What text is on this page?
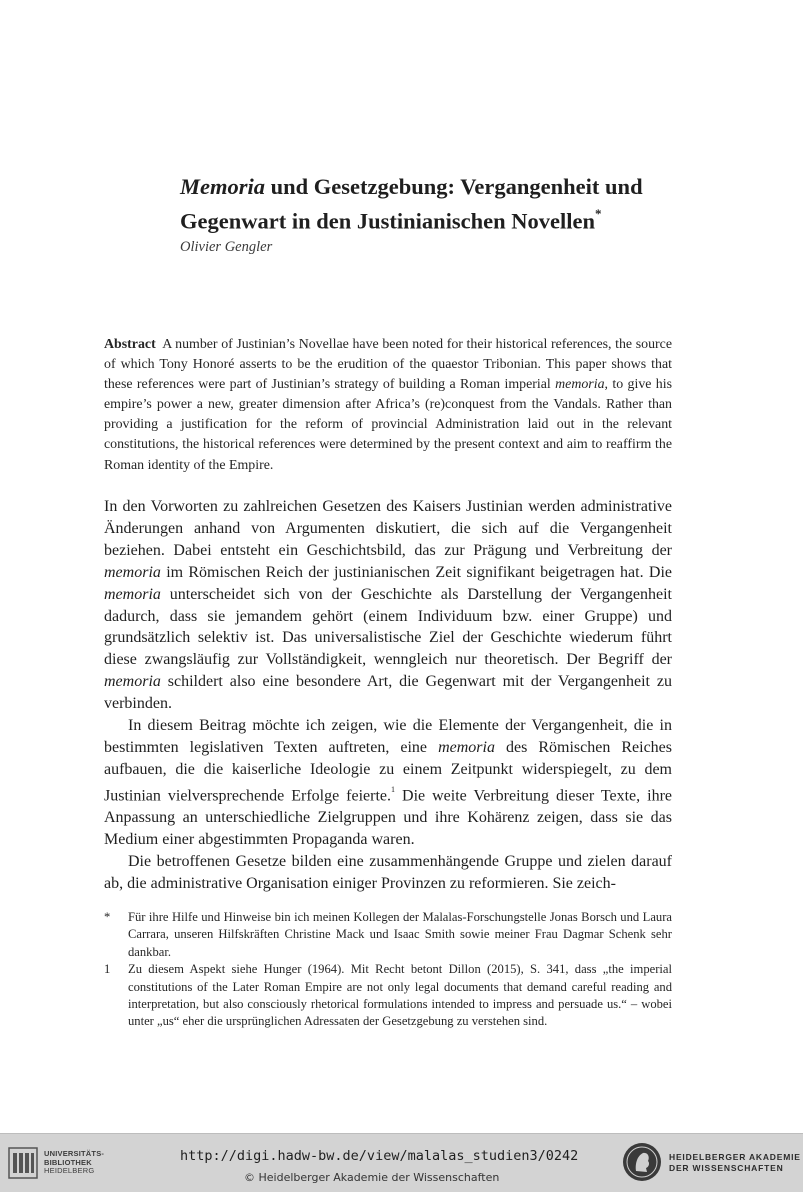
Memoria und Gesetzgebung: Vergangenheit und Gegenwart in den Justinianischen Novellen*
Olivier Gengler

Abstract A number of Justinian’s Novellae have been noted for their historical references, the source of which Tony Honoré asserts to be the erudition of the quaestor Tribonian. This paper shows that these references were part of Justinian’s strategy of building a Roman imperial memoria, to give his empire’s power a new, greater dimension after Africa’s (re)conquest from the Vandals. Rather than providing a justification for the reform of provincial Administration laid out in the relevant constitutions, the historical references were determined by the present context and aim to reaffirm the Roman identity of the Empire.

In den Vorworten zu zahlreichen Gesetzen des Kaisers Justinian werden administrative Änderungen anhand von Argumenten diskutiert, die sich auf die Vergangenheit beziehen. Dabei entsteht ein Geschichtsbild, das zur Prägung und Verbreitung der memoria im Römischen Reich der justinianischen Zeit signifikant beigetragen hat. Die memoria unterscheidet sich von der Geschichte als Darstellung der Vergangenheit dadurch, dass sie jemandem gehört (einem Individuum bzw. einer Gruppe) und grundsätzlich selektiv ist. Das universalistische Ziel der Geschichte wiederum führt diese zwangsläufig zur Vollständigkeit, wenngleich nur theoretisch. Der Begriff der memoria schildert also eine besondere Art, die Gegenwart mit der Vergangenheit zu verbinden.

In diesem Beitrag möchte ich zeigen, wie die Elemente der Vergangenheit, die in bestimmten legislativen Texten auftreten, eine memoria des Römischen Reiches aufbauen, die die kaiserliche Ideologie zu einem Zeitpunkt widerspiegelt, zu dem Justinian vielversprechende Erfolge feierte.$^1$ Die weite Verbreitung dieser Texte, ihre Anpassung an unterschiedliche Zielgruppen und ihre Kohärenz zeigen, dass sie das Medium einer abgestimmten Propaganda waren.

Die betroffenen Gesetze bilden eine zusammenhängende Gruppe und zielen darauf ab, die administrative Organisation einiger Provinzen zu reformieren. Sie zeich-

*	Für ihre Hilfe und Hinweise bin ich meinen Kollegen der Malalas-Forschungstelle Jonas Borsch und Laura Carrara, unseren Hilfskräften Christine Mack und Isaac Smith sowie meiner Frau Dagmar Schenk sehr dankbar.
1	Zu diesem Aspekt siehe Hunger (1964). Mit Recht betont Dillon (2015), S. 341, dass „the imperial constitutions of the Later Roman Empire are not only legal documents that demand careful reading and interpretation, but also consciously rhetorical formulations intended to impress and persuade us.“ – wobei unter „us“ eher die ursprünglichen Adressaten der Gesetzgebung zu verstehen sind.
UNIVERSITÄTS-
BIBLIOTHEK
HEIDELBERG
http://digi.hadw-bw.de/view/malalas_studien3/0242
© Heidelberger Akademie der Wissenschaften
HEIDELBERGER AKADEMIE
DER WISSENSCHAFTEN
